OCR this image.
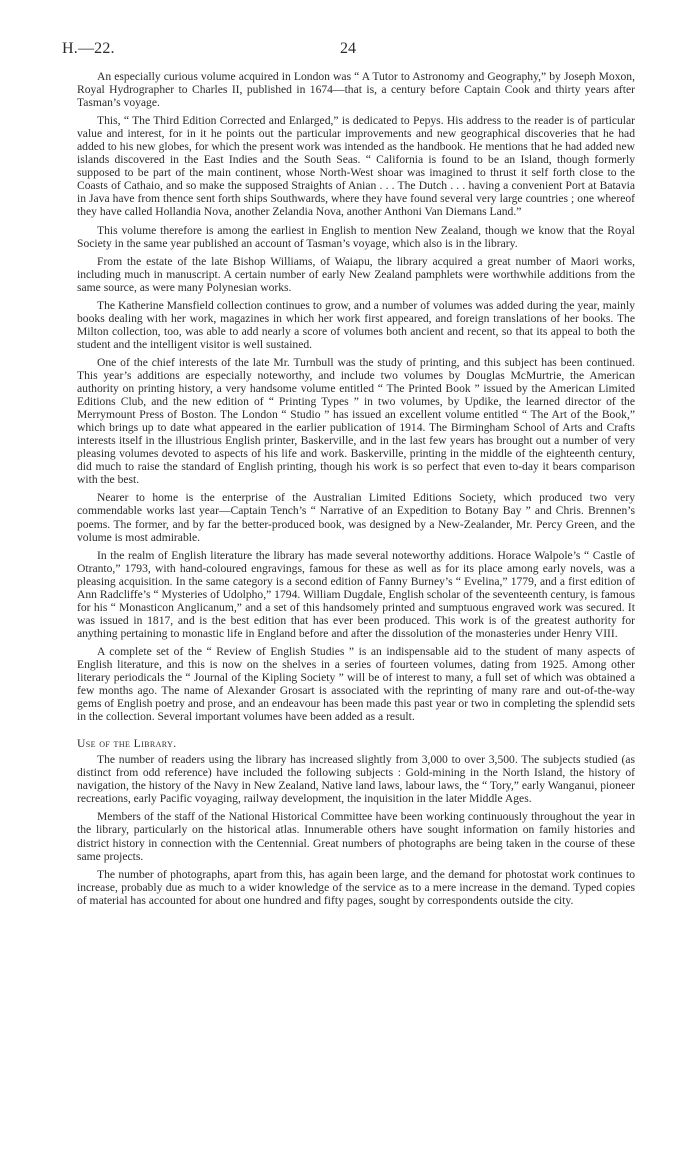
H.—22.	24

An especially curious volume acquired in London was “ A Tutor to Astronomy and Geography,” by Joseph Moxon, Royal Hydrographer to Charles II, published in 1674—that is, a century before Captain Cook and thirty years after Tasman’s voyage.

This, “ The Third Edition Corrected and Enlarged,” is dedicated to Pepys. His address to the reader is of particular value and interest, for in it he points out the particular improvements and new geographical discoveries that he had added to his new globes, for which the present work was intended as the handbook. He mentions that he had added new islands discovered in the East Indies and the South Seas. “ California is found to be an Island, though formerly supposed to be part of the main continent, whose North-West shoar was imagined to thrust it self forth close to the Coasts of Cathaio, and so make the supposed Straights of Anian . . . The Dutch . . . having a convenient Port at Batavia in Java have from thence sent forth ships Southwards, where they have found several very large countries ; one whereof they have called Hollandia Nova, another Zelandia Nova, another Anthoni Van Diemans Land.”

This volume therefore is among the earliest in English to mention New Zealand, though we know that the Royal Society in the same year published an account of Tasman’s voyage, which also is in the library.

From the estate of the late Bishop Williams, of Waiapu, the library acquired a great number of Maori works, including much in manuscript. A certain number of early New Zealand pamphlets were worthwhile additions from the same source, as were many Polynesian works.

The Katherine Mansfield collection continues to grow, and a number of volumes was added during the year, mainly books dealing with her work, magazines in which her work first appeared, and foreign translations of her books. The Milton collection, too, was able to add nearly a score of volumes both ancient and recent, so that its appeal to both the student and the intelligent visitor is well sustained.

One of the chief interests of the late Mr. Turnbull was the study of printing, and this subject has been continued. This year’s additions are especially noteworthy, and include two volumes by Douglas McMurtrie, the American authority on printing history, a very handsome volume entitled “ The Printed Book ” issued by the American Limited Editions Club, and the new edition of “ Printing Types ” in two volumes, by Updike, the learned director of the Merrymount Press of Boston. The London “ Studio ” has issued an excellent volume entitled “ The Art of the Book,” which brings up to date what appeared in the earlier publication of 1914. The Birmingham School of Arts and Crafts interests itself in the illustrious English printer, Baskerville, and in the last few years has brought out a number of very pleasing volumes devoted to aspects of his life and work. Baskerville, printing in the middle of the eighteenth century, did much to raise the standard of English printing, though his work is so perfect that even to-day it bears comparison with the best.

Nearer to home is the enterprise of the Australian Limited Editions Society, which produced two very commendable works last year—Captain Tench’s “ Narrative of an Expedition to Botany Bay ” and Chris. Brennen’s poems. The former, and by far the better-produced book, was designed by a New-Zealander, Mr. Percy Green, and the volume is most admirable.

In the realm of English literature the library has made several noteworthy additions. Horace Walpole’s “ Castle of Otranto,” 1793, with hand-coloured engravings, famous for these as well as for its place among early novels, was a pleasing acquisition. In the same category is a second edition of Fanny Burney’s “ Evelina,” 1779, and a first edition of Ann Radcliffe’s “ Mysteries of Udolpho,” 1794. William Dugdale, English scholar of the seventeenth century, is famous for his “ Monasticon Anglicanum,” and a set of this handsomely printed and sumptuous engraved work was secured. It was issued in 1817, and is the best edition that has ever been produced. This work is of the greatest authority for anything pertaining to monastic life in England before and after the dissolution of the monasteries under Henry VIII.

A complete set of the “ Review of English Studies ” is an indispensable aid to the student of many aspects of English literature, and this is now on the shelves in a series of fourteen volumes, dating from 1925. Among other literary periodicals the “ Journal of the Kipling Society ” will be of interest to many, a full set of which was obtained a few months ago. The name of Alexander Grosart is associated with the reprinting of many rare and out-of-the-way gems of English poetry and prose, and an endeavour has been made this past year or two in completing the splendid sets in the collection. Several important volumes have been added as a result.

Use of the Library.

The number of readers using the library has increased slightly from 3,000 to over 3,500. The subjects studied (as distinct from odd reference) have included the following subjects : Gold-mining in the North Island, the history of navigation, the history of the Navy in New Zealand, Native land laws, labour laws, the “ Tory,” early Wanganui, pioneer recreations, early Pacific voyaging, railway development, the inquisition in the later Middle Ages.

Members of the staff of the National Historical Committee have been working continuously throughout the year in the library, particularly on the historical atlas. Innumerable others have sought information on family histories and district history in connection with the Centennial. Great numbers of photographs are being taken in the course of these same projects.

The number of photographs, apart from this, has again been large, and the demand for photostat work continues to increase, probably due as much to a wider knowledge of the service as to a mere increase in the demand. Typed copies of material has accounted for about one hundred and fifty pages, sought by correspondents outside the city.
